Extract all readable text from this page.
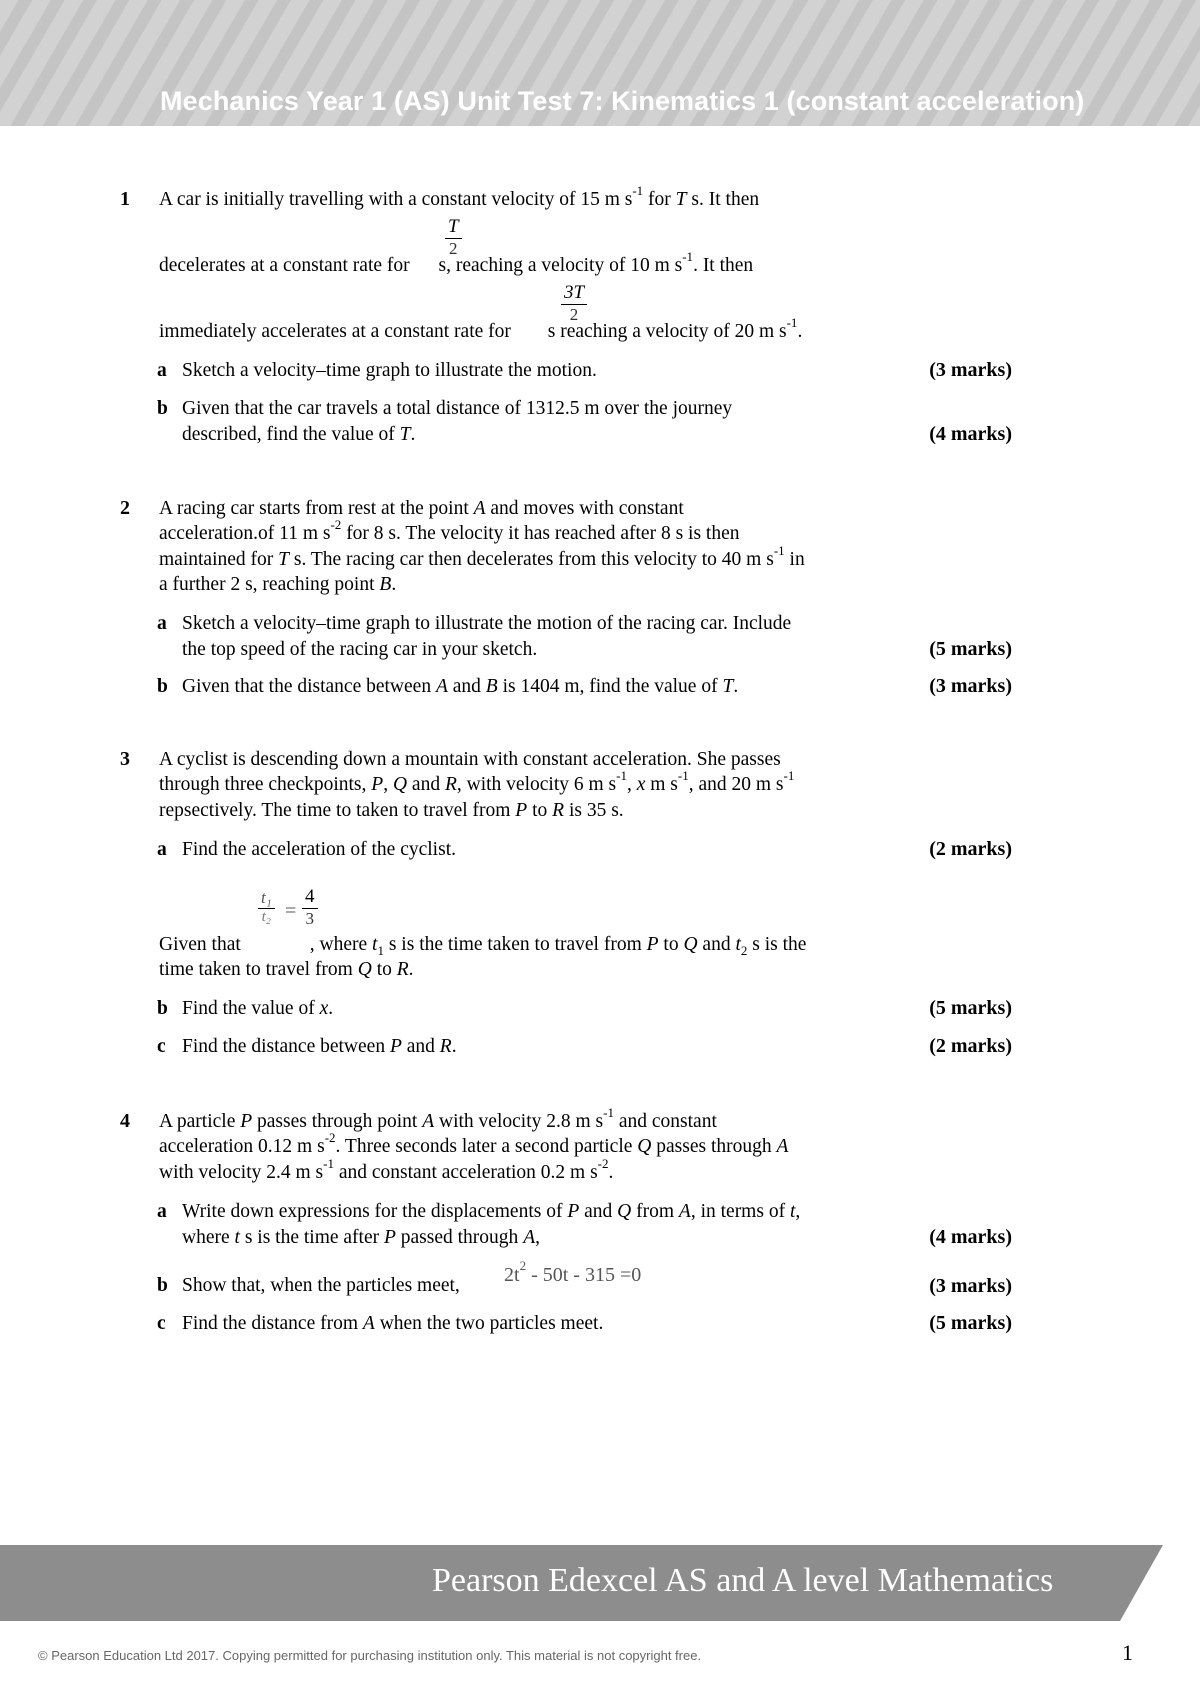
Mechanics Year 1 (AS) Unit Test 7: Kinematics 1 (constant acceleration)
1 A car is initially travelling with a constant velocity of 15 m $s^{-1}$ for T s. It then
$\frac{T}{2}$
decelerates at a constant rate for s, reaching a velocity of 10 m $s^{-1}$. It then
$\frac{3T}{2}$
immediately accelerates at a constant rate for s reaching a velocity of 20 m $s^{-1}$.
a Sketch a velocity–time graph to illustrate the motion.	(3 marks)
b Given that the car travels a total distance of 1312.5 m over the journey
described, find the value of T.	(4 marks)
2 A racing car starts from rest at the point A and moves with constant
acceleration.of 11 m $s^{-2}$ for 8 s. The velocity it has reached after 8 s is then
maintained for T s. The racing car then decelerates from this velocity to 40 m $s^{-1}$ in
a further 2 s, reaching point B.
a Sketch a velocity–time graph to illustrate the motion of the racing car. Include
the top speed of the racing car in your sketch.	(5 marks)
b Given that the distance between A and B is 1404 m, find the value of T.	(3 marks)
3 A cyclist is descending down a mountain with constant acceleration. She passes
through three checkpoints, P, Q and R, with velocity 6 m $s^{-1}$, x m $s^{-1}$, and 20 m $s^{-1}$
repsectively. The time to taken to travel from P to R is 35 s.
a Find the acceleration of the cyclist.	(2 marks)
$\frac{\text{t₁}}{\text{t₂}} = \frac{4}{3}$
Given that	, where $t_1$ s is the time taken to travel from P to Q and $t_2$ s is the
time taken to travel from Q to R.
b Find the value of x.	(5 marks)
c Find the distance between P and R.	(2 marks)
4 A particle P passes through point A with velocity 2.8 m $s^{-1}$ and constant
acceleration 0.12 m $s^{-2}$. Three seconds later a second particle Q passes through A
with velocity 2.4 m $s^{-1}$ and constant acceleration 0.2 m $s^{-2}$.
a Write down expressions for the displacements of P and Q from A, in terms of t,
where t s is the time after P passed through A,	(4 marks)
b Show that, when the particles meet, $2t^2 - 50t - 315 =0$	(3 marks)
c Find the distance from A when the two particles meet.	(5 marks)
Pearson Edexcel AS and A level Mathematics
© Pearson Education Ltd 2017. Copying permitted for purchasing institution only. This material is not copyright free.	1
